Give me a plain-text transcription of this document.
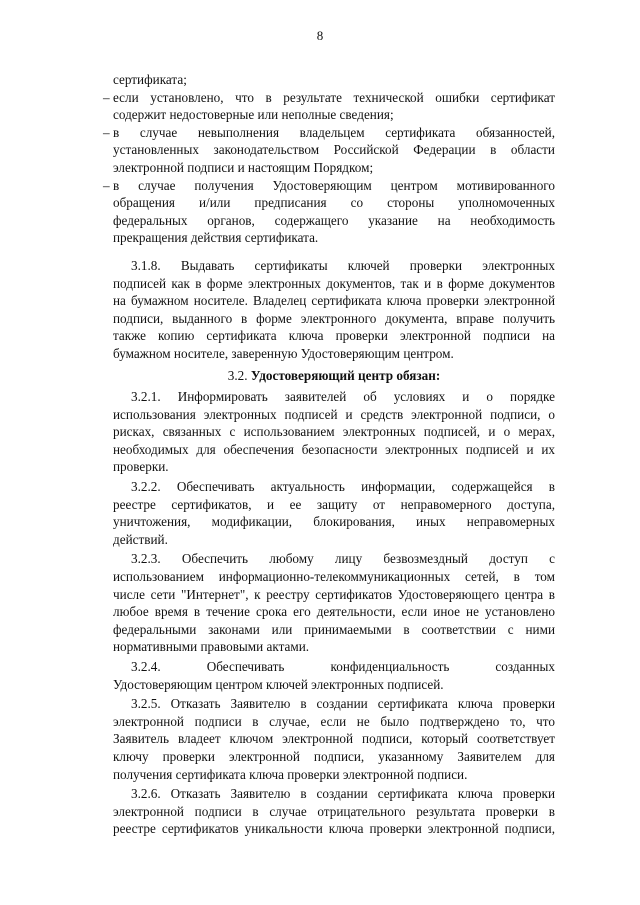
8
сертификата;
– если установлено, что в результате технической ошибки сертификат
содержит недостоверные или неполные сведения;
– в случае невыполнения владельцем сертификата обязанностей,
установленных законодательством Российской Федерации в области
электронной подписи и настоящим Порядком;
– в случае получения Удостоверяющим центром мотивированного
обращения и/или предписания со стороны уполномоченных
федеральных органов, содержащего указание на необходимость
прекращения действия сертификата.
3.1.8. Выдавать сертификаты ключей проверки электронных
подписей как в форме электронных документов, так и в форме документов
на бумажном носителе. Владелец сертификата ключа проверки электронной
подписи, выданного в форме электронного документа, вправе получить
также копию сертификата ключа проверки электронной подписи на
бумажном носителе, заверенную Удостоверяющим центром.
3.2. Удостоверяющий центр обязан:
3.2.1. Информировать заявителей об условиях и о порядке
использования электронных подписей и средств электронной подписи, о
рисках, связанных с использованием электронных подписей, и о мерах,
необходимых для обеспечения безопасности электронных подписей и их
проверки.
3.2.2. Обеспечивать актуальность информации, содержащейся в
реестре сертификатов, и ее защиту от неправомерного доступа,
уничтожения, модификации, блокирования, иных неправомерных
действий.
3.2.3. Обеспечить любому лицу безвозмездный доступ с
использованием информационно-телекоммуникационных сетей, в том
числе сети "Интернет", к реестру сертификатов Удостоверяющего центра в
любое время в течение срока его деятельности, если иное не установлено
федеральными законами или принимаемыми в соответствии с ними
нормативными правовыми актами.
3.2.4. Обеспечивать конфиденциальность созданных
Удостоверяющим центром ключей электронных подписей.
3.2.5. Отказать Заявителю в создании сертификата ключа проверки
электронной подписи в случае, если не было подтверждено то, что
Заявитель владеет ключом электронной подписи, который соответствует
ключу проверки электронной подписи, указанному Заявителем для
получения сертификата ключа проверки электронной подписи.
3.2.6. Отказать Заявителю в создании сертификата ключа проверки
электронной подписи в случае отрицательного результата проверки в
реестре сертификатов уникальности ключа проверки электронной подписи,
